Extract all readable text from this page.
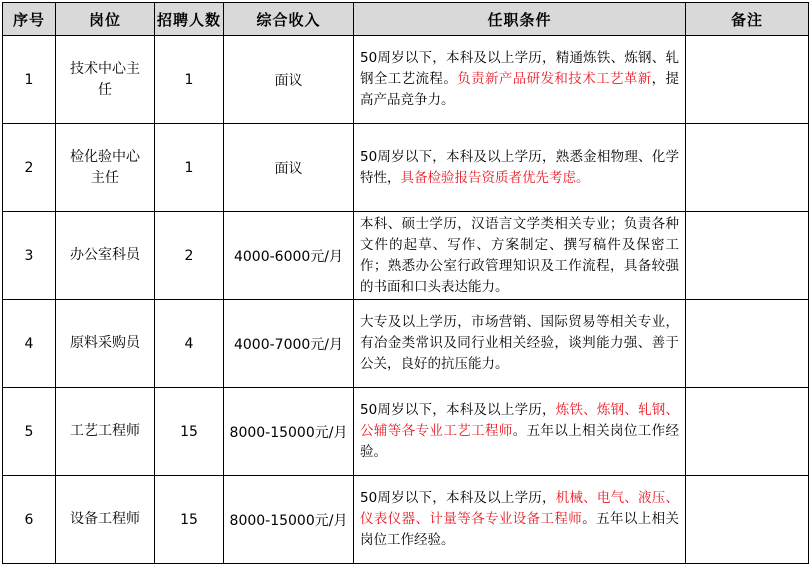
序号	岗位	招聘人数	综合收入	任职条件	备注
1	技术中心主任	1	面议	50周岁以下，本科及以上学历，精通炼铁、炼钢、轧钢全工艺流程。负责新产品研发和技术工艺革新，提高产品竞争力。	
2	检化验中心主任	1	面议	50周岁以下，本科及以上学历，熟悉金相物理、化学特性，具备检验报告资质者优先考虑。	
3	办公室科员	2	4000-6000元/月	本科、硕士学历，汉语言文学类相关专业；负责各种文件的起草、写作、方案制定、撰写稿件及保密工作；熟悉办公室行政管理知识及工作流程，具备较强的书面和口头表达能力。	
4	原料采购员	4	4000-7000元/月	大专及以上学历，市场营销、国际贸易等相关专业，有冶金类常识及同行业相关经验，谈判能力强、善于公关，良好的抗压能力。	
5	工艺工程师	15	8000-15000元/月	50周岁以下，本科及以上学历，炼铁、炼钢、轧钢、公辅等各专业工艺工程师。五年以上相关岗位工作经验。	
6	设备工程师	15	8000-15000元/月	50周岁以下，本科及以上学历，机械、电气、液压、仪表仪器、计量等各专业设备工程师。五年以上相关岗位工作经验。	
